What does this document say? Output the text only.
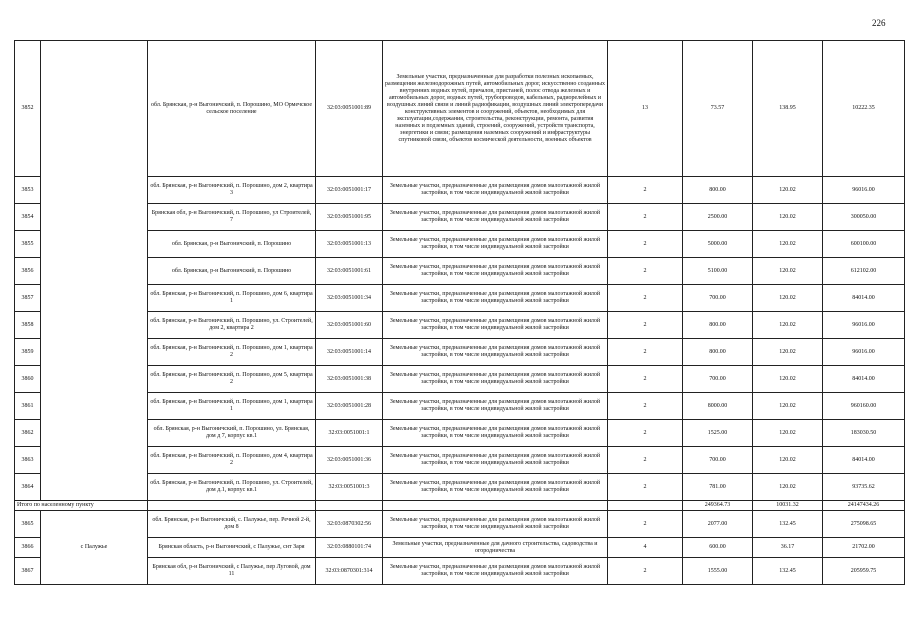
226
3852		обл. Брянская, р-н Выгоничский, п. Порошино, МО Ормечское сельское поселение	32:03:0051001:89	Земельные участки, предназначенные для разработки полезных ископаемых, размещения железнодорожных путей, автомобильных дорог, искусственно созданных внутренних водных путей, причалов, пристаней, полос отвода железных и автомобильных дорог, водных путей, трубопроводов, кабельных, радиорелейных и воздушных линий связи и линий радиофикации, воздушных линий электропередачи конструктивных элементов и сооружений, объектов, необходимых для эксплуатации,содержания, строительства, реконструкции, ремонта, развития наземных и подземных зданий, строений, сооружений, устройств транспорта, энергетики и связи; размещения наземных сооружений и инфраструктуры спутниковой связи, объектов космической деятельности, военных объектов	13	73.57	138.95	10222.35
3853		обл. Брянская, р-н Выгоничский, п. Порошино, дом 2, квартира 3	32:03:0051001:17	Земельные участки, предназначенные для размещения домов малоэтажной жилой застройки, в том числе индивидуальной жилой застройки	2	800.00	120.02	96016.00
3854		Брянская обл, р-н Выгоничский, п. Порошино, ул Строителей, 7	32:03:0051001:95	Земельные участки, предназначенные для размещения домов малоэтажной жилой застройки, в том числе индивидуальной жилой застройки	2	2500.00	120.02	300050.00
3855		обл. Брянская, р-н Выгоничский, п. Порошино	32:03:0051001:13	Земельные участки, предназначенные для размещения домов малоэтажной жилой застройки, в том числе индивидуальной жилой застройки	2	5000.00	120.02	600100.00
3856		обл. Брянская, р-н Выгоничский, п. Порошино	32:03:0051001:61	Земельные участки, предназначенные для размещения домов малоэтажной жилой застройки, в том числе индивидуальной жилой застройки	2	5100.00	120.02	612102.00
3857		обл. Брянская, р-н Выгоничский, п. Порошино, дом 6, квартира 1	32:03:0051001:34	Земельные участки, предназначенные для размещения домов малоэтажной жилой застройки, в том числе индивидуальной жилой застройки	2	700.00	120.02	84014.00
3858		обл. Брянская, р-н Выгоничский, п. Порошино, ул. Строителей, дом 2, квартира 2	32:03:0051001:60	Земельные участки, предназначенные для размещения домов малоэтажной жилой застройки, в том числе индивидуальной жилой застройки	2	800.00	120.02	96016.00
3859		обл. Брянская, р-н Выгоничский, п. Порошино, дом 1, квартира 2	32:03:0051001:14	Земельные участки, предназначенные для размещения домов малоэтажной жилой застройки, в том числе индивидуальной жилой застройки	2	800.00	120.02	96016.00
3860		обл. Брянская, р-н Выгоничский, п. Порошино, дом 5, квартира 2	32:03:0051001:38	Земельные участки, предназначенные для размещения домов малоэтажной жилой застройки, в том числе индивидуальной жилой застройки	2	700.00	120.02	84014.00
3861		обл. Брянская, р-н Выгоничский, п. Порошино, дом 1, квартира 1	32:03:0051001:28	Земельные участки, предназначенные для размещения домов малоэтажной жилой застройки, в том числе индивидуальной жилой застройки	2	8000.00	120.02	960160.00
3862		обл. Брянская, р-н Выгоничский, п. Порошино, ул. Брянская, дом д 7, корпус кв.1	32:03:0051001:1	Земельные участки, предназначенные для размещения домов малоэтажной жилой застройки, в том числе индивидуальной жилой застройки	2	1525.00	120.02	183030.50
3863		обл. Брянская, р-н Выгоничский, п. Порошино, дом 4, квартира 2	32:03:0051001:36	Земельные участки, предназначенные для размещения домов малоэтажной жилой застройки, в том числе индивидуальной жилой застройки	2	700.00	120.02	84014.00
3864		обл. Брянская, р-н Выгоничский, п. Порошино, ул. Строителей, дом д.1, корпус кв.1	32:03:0051001:3	Земельные участки, предназначенные для размещения домов малоэтажной жилой застройки, в том числе индивидуальной жилой застройки	2	781.00	120.02	93735.62
Итого по населенному пункту						249364.73	10031.32	24147434.26
3865	с Палужье	обл. Брянская, р-н Выгоничский, с. Палужье, пер. Речной 2-й, дом 8	32:03:0870302:56	Земельные участки, предназначенные для размещения домов малоэтажной жилой застройки, в том числе индивидуальной жилой застройки	2	2077.00	132.45	275098.65
3866		Брянская область, р-н Выгоничский, с Палужье, снт Заря	32:03:0880101:74	Земельные участки, предназначенные для дачного строительства, садоводства и огородничества	4	600.00	36.17	21702.00
3867		Брянская обл, р-н Выгоничский, с Палужье, пер Луговой, дом 11	32:03:0870301:314	Земельные участки, предназначенные для размещения домов малоэтажной жилой застройки, в том числе индивидуальной жилой застройки	2	1555.00	132.45	205959.75
